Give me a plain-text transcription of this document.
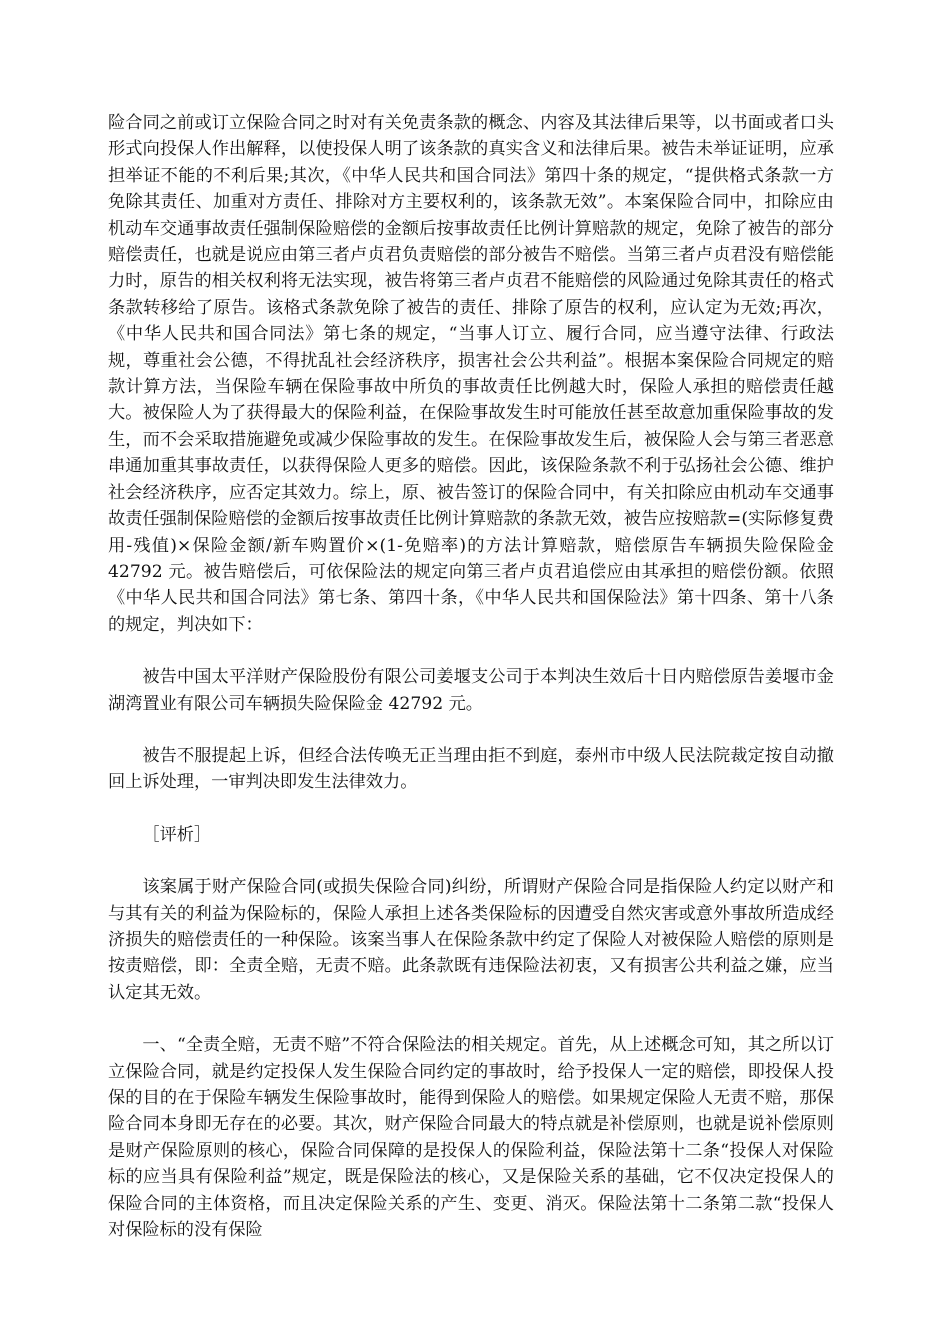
险合同之前或订立保险合同之时对有关免责条款的概念、内容及其法律后果等，以书面或者口头形式向投保人作出解释，以使投保人明了该条款的真实含义和法律后果。被告未举证证明，应承担举证不能的不利后果;其次，《中华人民共和国合同法》第四十条的规定，“提供格式条款一方免除其责任、加重对方责任、排除对方主要权利的，该条款无效”。本案保险合同中，扣除应由机动车交通事故责任强制保险赔偿的金额后按事故责任比例计算赔款的规定，免除了被告的部分赔偿责任，也就是说应由第三者卢贞君负责赔偿的部分被告不赔偿。当第三者卢贞君没有赔偿能力时，原告的相关权利将无法实现，被告将第三者卢贞君不能赔偿的风险通过免除其责任的格式条款转移给了原告。该格式条款免除了被告的责任、排除了原告的权利，应认定为无效;再次，《中华人民共和国合同法》第七条的规定，“当事人订立、履行合同，应当遵守法律、行政法规，尊重社会公德，不得扰乱社会经济秩序，损害社会公共利益”。根据本案保险合同规定的赔款计算方法，当保险车辆在保险事故中所负的事故责任比例越大时，保险人承担的赔偿责任越大。被保险人为了获得最大的保险利益，在保险事故发生时可能放任甚至故意加重保险事故的发生，而不会采取措施避免或减少保险事故的发生。在保险事故发生后，被保险人会与第三者恶意串通加重其事故责任，以获得保险人更多的赔偿。因此，该保险条款不利于弘扬社会公德、维护社会经济秩序，应否定其效力。综上，原、被告签订的保险合同中，有关扣除应由机动车交通事故责任强制保险赔偿的金额后按事故责任比例计算赔款的条款无效，被告应按赔款=(实际修复费用-残值)×保险金额/新车购置价×(1-免赔率)的方法计算赔款，赔偿原告车辆损失险保险金 42792 元。被告赔偿后，可依保险法的规定向第三者卢贞君追偿应由其承担的赔偿份额。依照《中华人民共和国合同法》第七条、第四十条，《中华人民共和国保险法》第十四条、第十八条的规定，判决如下：

被告中国太平洋财产保险股份有限公司姜堰支公司于本判决生效后十日内赔偿原告姜堰市金湖湾置业有限公司车辆损失险保险金 42792 元。

被告不服提起上诉，但经合法传唤无正当理由拒不到庭，泰州市中级人民法院裁定按自动撤回上诉处理，一审判决即发生法律效力。

［评析］

该案属于财产保险合同(或损失保险合同)纠纷，所谓财产保险合同是指保险人约定以财产和与其有关的利益为保险标的，保险人承担上述各类保险标的因遭受自然灾害或意外事故所造成经济损失的赔偿责任的一种保险。该案当事人在保险条款中约定了保险人对被保险人赔偿的原则是按责赔偿，即：全责全赔，无责不赔。此条款既有违保险法初衷，又有损害公共利益之嫌，应当认定其无效。

一、“全责全赔，无责不赔”不符合保险法的相关规定。首先，从上述概念可知，其之所以订立保险合同，就是约定投保人发生保险合同约定的事故时，给予投保人一定的赔偿，即投保人投保的目的在于保险车辆发生保险事故时，能得到保险人的赔偿。如果规定保险人无责不赔，那保险合同本身即无存在的必要。其次，财产保险合同最大的特点就是补偿原则，也就是说补偿原则是财产保险原则的核心，保险合同保障的是投保人的保险利益，保险法第十二条“投保人对保险标的应当具有保险利益”规定，既是保险法的核心，又是保险关系的基础，它不仅决定投保人的保险合同的主体资格，而且决定保险关系的产生、变更、消灭。保险法第十二条第二款“投保人对保险标的没有保险
